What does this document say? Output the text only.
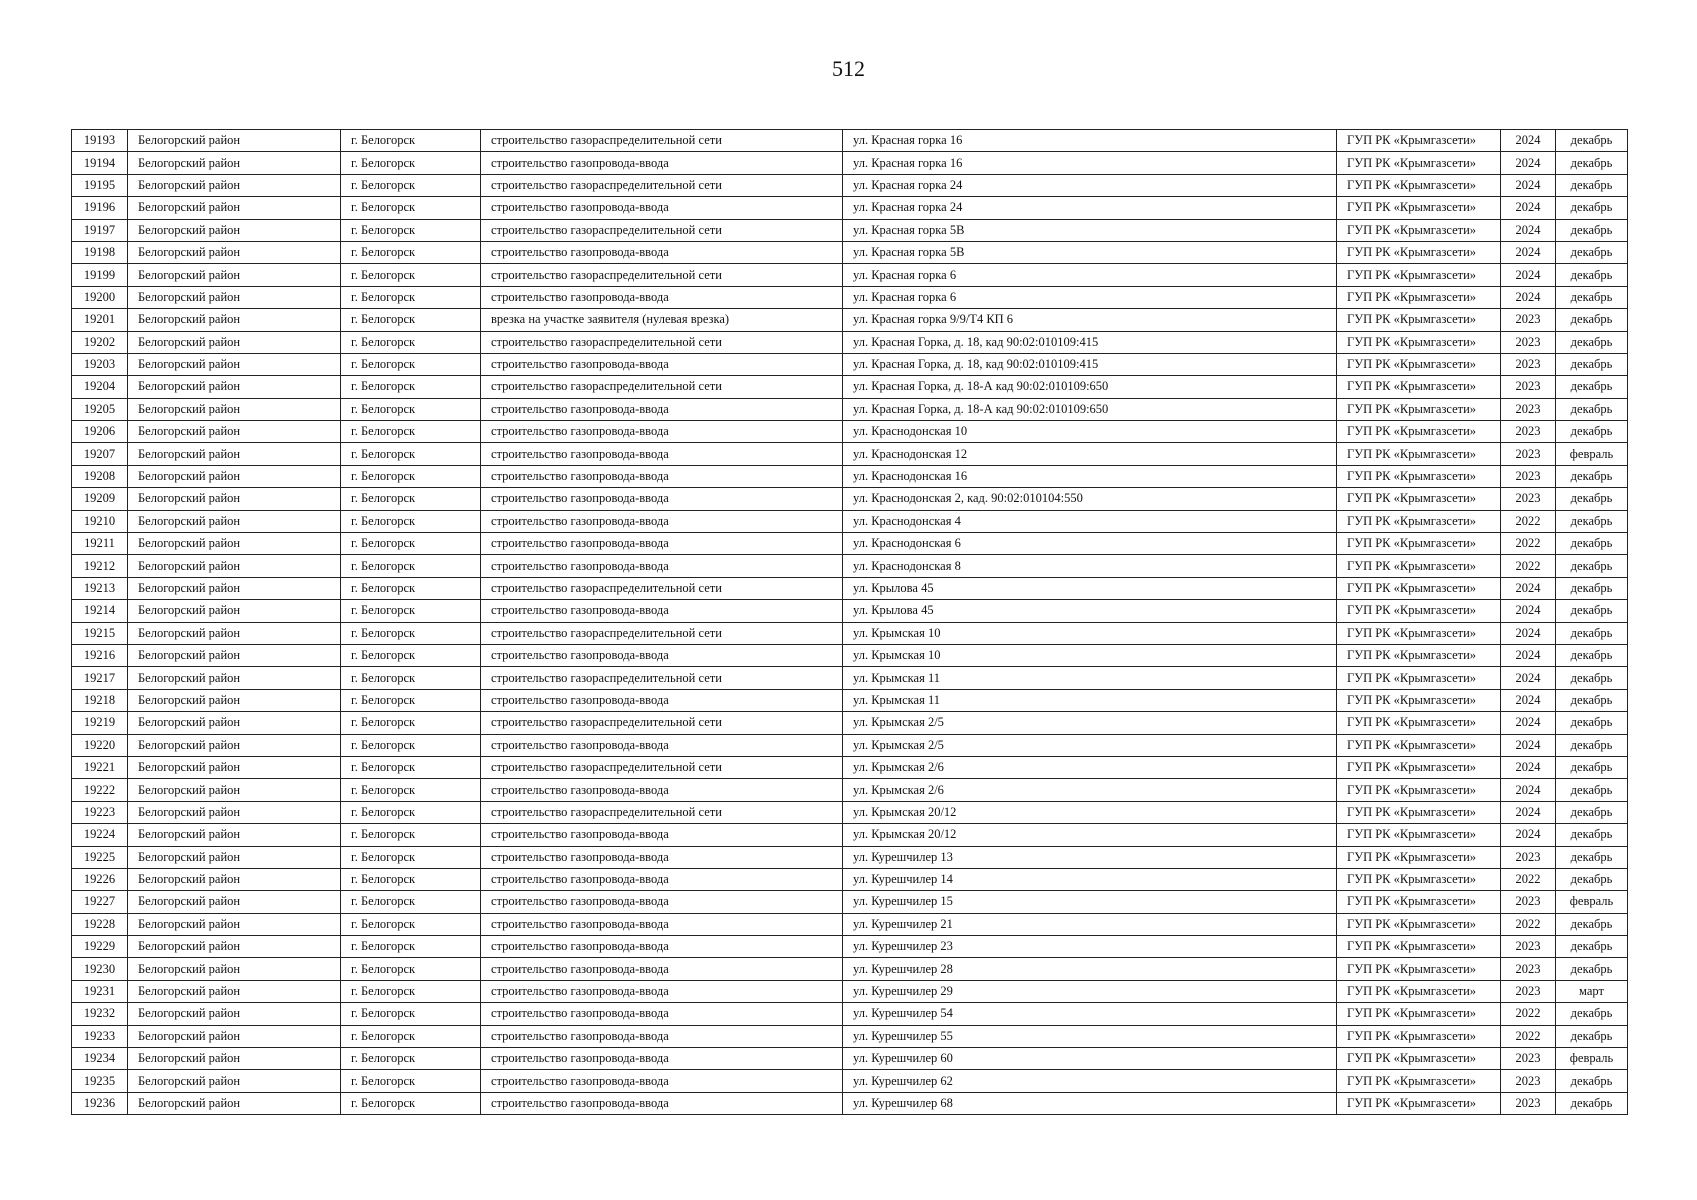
512
19193	Белогорский район	г. Белогорск	строительство газораспределительной сети	ул. Красная горка 16	ГУП РК «Крымгазсети»	2024	декабрь
19194	Белогорский район	г. Белогорск	строительство газопровода-ввода	ул. Красная горка 16	ГУП РК «Крымгазсети»	2024	декабрь
19195	Белогорский район	г. Белогорск	строительство газораспределительной сети	ул. Красная горка 24	ГУП РК «Крымгазсети»	2024	декабрь
19196	Белогорский район	г. Белогорск	строительство газопровода-ввода	ул. Красная горка 24	ГУП РК «Крымгазсети»	2024	декабрь
19197	Белогорский район	г. Белогорск	строительство газораспределительной сети	ул. Красная горка 5В	ГУП РК «Крымгазсети»	2024	декабрь
19198	Белогорский район	г. Белогорск	строительство газопровода-ввода	ул. Красная горка 5В	ГУП РК «Крымгазсети»	2024	декабрь
19199	Белогорский район	г. Белогорск	строительство газораспределительной сети	ул. Красная горка 6	ГУП РК «Крымгазсети»	2024	декабрь
19200	Белогорский район	г. Белогорск	строительство газопровода-ввода	ул. Красная горка 6	ГУП РК «Крымгазсети»	2024	декабрь
19201	Белогорский район	г. Белогорск	врезка на участке заявителя (нулевая врезка)	ул. Красная горка 9/9/Т4 КП 6	ГУП РК «Крымгазсети»	2023	декабрь
19202	Белогорский район	г. Белогорск	строительство газораспределительной сети	ул. Красная Горка, д. 18, кад 90:02:010109:415	ГУП РК «Крымгазсети»	2023	декабрь
19203	Белогорский район	г. Белогорск	строительство газопровода-ввода	ул. Красная Горка, д. 18, кад 90:02:010109:415	ГУП РК «Крымгазсети»	2023	декабрь
19204	Белогорский район	г. Белогорск	строительство газораспределительной сети	ул. Красная Горка, д. 18-А кад 90:02:010109:650	ГУП РК «Крымгазсети»	2023	декабрь
19205	Белогорский район	г. Белогорск	строительство газопровода-ввода	ул. Красная Горка, д. 18-А кад 90:02:010109:650	ГУП РК «Крымгазсети»	2023	декабрь
19206	Белогорский район	г. Белогорск	строительство газопровода-ввода	ул. Краснодонская 10	ГУП РК «Крымгазсети»	2023	декабрь
19207	Белогорский район	г. Белогорск	строительство газопровода-ввода	ул. Краснодонская 12	ГУП РК «Крымгазсети»	2023	февраль
19208	Белогорский район	г. Белогорск	строительство газопровода-ввода	ул. Краснодонская 16	ГУП РК «Крымгазсети»	2023	декабрь
19209	Белогорский район	г. Белогорск	строительство газопровода-ввода	ул. Краснодонская 2, кад. 90:02:010104:550	ГУП РК «Крымгазсети»	2023	декабрь
19210	Белогорский район	г. Белогорск	строительство газопровода-ввода	ул. Краснодонская 4	ГУП РК «Крымгазсети»	2022	декабрь
19211	Белогорский район	г. Белогорск	строительство газопровода-ввода	ул. Краснодонская 6	ГУП РК «Крымгазсети»	2022	декабрь
19212	Белогорский район	г. Белогорск	строительство газопровода-ввода	ул. Краснодонская 8	ГУП РК «Крымгазсети»	2022	декабрь
19213	Белогорский район	г. Белогорск	строительство газораспределительной сети	ул. Крылова 45	ГУП РК «Крымгазсети»	2024	декабрь
19214	Белогорский район	г. Белогорск	строительство газопровода-ввода	ул. Крылова 45	ГУП РК «Крымгазсети»	2024	декабрь
19215	Белогорский район	г. Белогорск	строительство газораспределительной сети	ул. Крымская 10	ГУП РК «Крымгазсети»	2024	декабрь
19216	Белогорский район	г. Белогорск	строительство газопровода-ввода	ул. Крымская 10	ГУП РК «Крымгазсети»	2024	декабрь
19217	Белогорский район	г. Белогорск	строительство газораспределительной сети	ул. Крымская 11	ГУП РК «Крымгазсети»	2024	декабрь
19218	Белогорский район	г. Белогорск	строительство газопровода-ввода	ул. Крымская 11	ГУП РК «Крымгазсети»	2024	декабрь
19219	Белогорский район	г. Белогорск	строительство газораспределительной сети	ул. Крымская 2/5	ГУП РК «Крымгазсети»	2024	декабрь
19220	Белогорский район	г. Белогорск	строительство газопровода-ввода	ул. Крымская 2/5	ГУП РК «Крымгазсети»	2024	декабрь
19221	Белогорский район	г. Белогорск	строительство газораспределительной сети	ул. Крымская 2/6	ГУП РК «Крымгазсети»	2024	декабрь
19222	Белогорский район	г. Белогорск	строительство газопровода-ввода	ул. Крымская 2/6	ГУП РК «Крымгазсети»	2024	декабрь
19223	Белогорский район	г. Белогорск	строительство газораспределительной сети	ул. Крымская 20/12	ГУП РК «Крымгазсети»	2024	декабрь
19224	Белогорский район	г. Белогорск	строительство газопровода-ввода	ул. Крымская 20/12	ГУП РК «Крымгазсети»	2024	декабрь
19225	Белогорский район	г. Белогорск	строительство газопровода-ввода	ул. Курешчилер 13	ГУП РК «Крымгазсети»	2023	декабрь
19226	Белогорский район	г. Белогорск	строительство газопровода-ввода	ул. Курешчилер 14	ГУП РК «Крымгазсети»	2022	декабрь
19227	Белогорский район	г. Белогорск	строительство газопровода-ввода	ул. Курешчилер 15	ГУП РК «Крымгазсети»	2023	февраль
19228	Белогорский район	г. Белогорск	строительство газопровода-ввода	ул. Курешчилер 21	ГУП РК «Крымгазсети»	2022	декабрь
19229	Белогорский район	г. Белогорск	строительство газопровода-ввода	ул. Курешчилер 23	ГУП РК «Крымгазсети»	2023	декабрь
19230	Белогорский район	г. Белогорск	строительство газопровода-ввода	ул. Курешчилер 28	ГУП РК «Крымгазсети»	2023	декабрь
19231	Белогорский район	г. Белогорск	строительство газопровода-ввода	ул. Курешчилер 29	ГУП РК «Крымгазсети»	2023	март
19232	Белогорский район	г. Белогорск	строительство газопровода-ввода	ул. Курешчилер 54	ГУП РК «Крымгазсети»	2022	декабрь
19233	Белогорский район	г. Белогорск	строительство газопровода-ввода	ул. Курешчилер 55	ГУП РК «Крымгазсети»	2022	декабрь
19234	Белогорский район	г. Белогорск	строительство газопровода-ввода	ул. Курешчилер 60	ГУП РК «Крымгазсети»	2023	февраль
19235	Белогорский район	г. Белогорск	строительство газопровода-ввода	ул. Курешчилер 62	ГУП РК «Крымгазсети»	2023	декабрь
19236	Белогорский район	г. Белогорск	строительство газопровода-ввода	ул. Курешчилер 68	ГУП РК «Крымгазсети»	2023	декабрь
